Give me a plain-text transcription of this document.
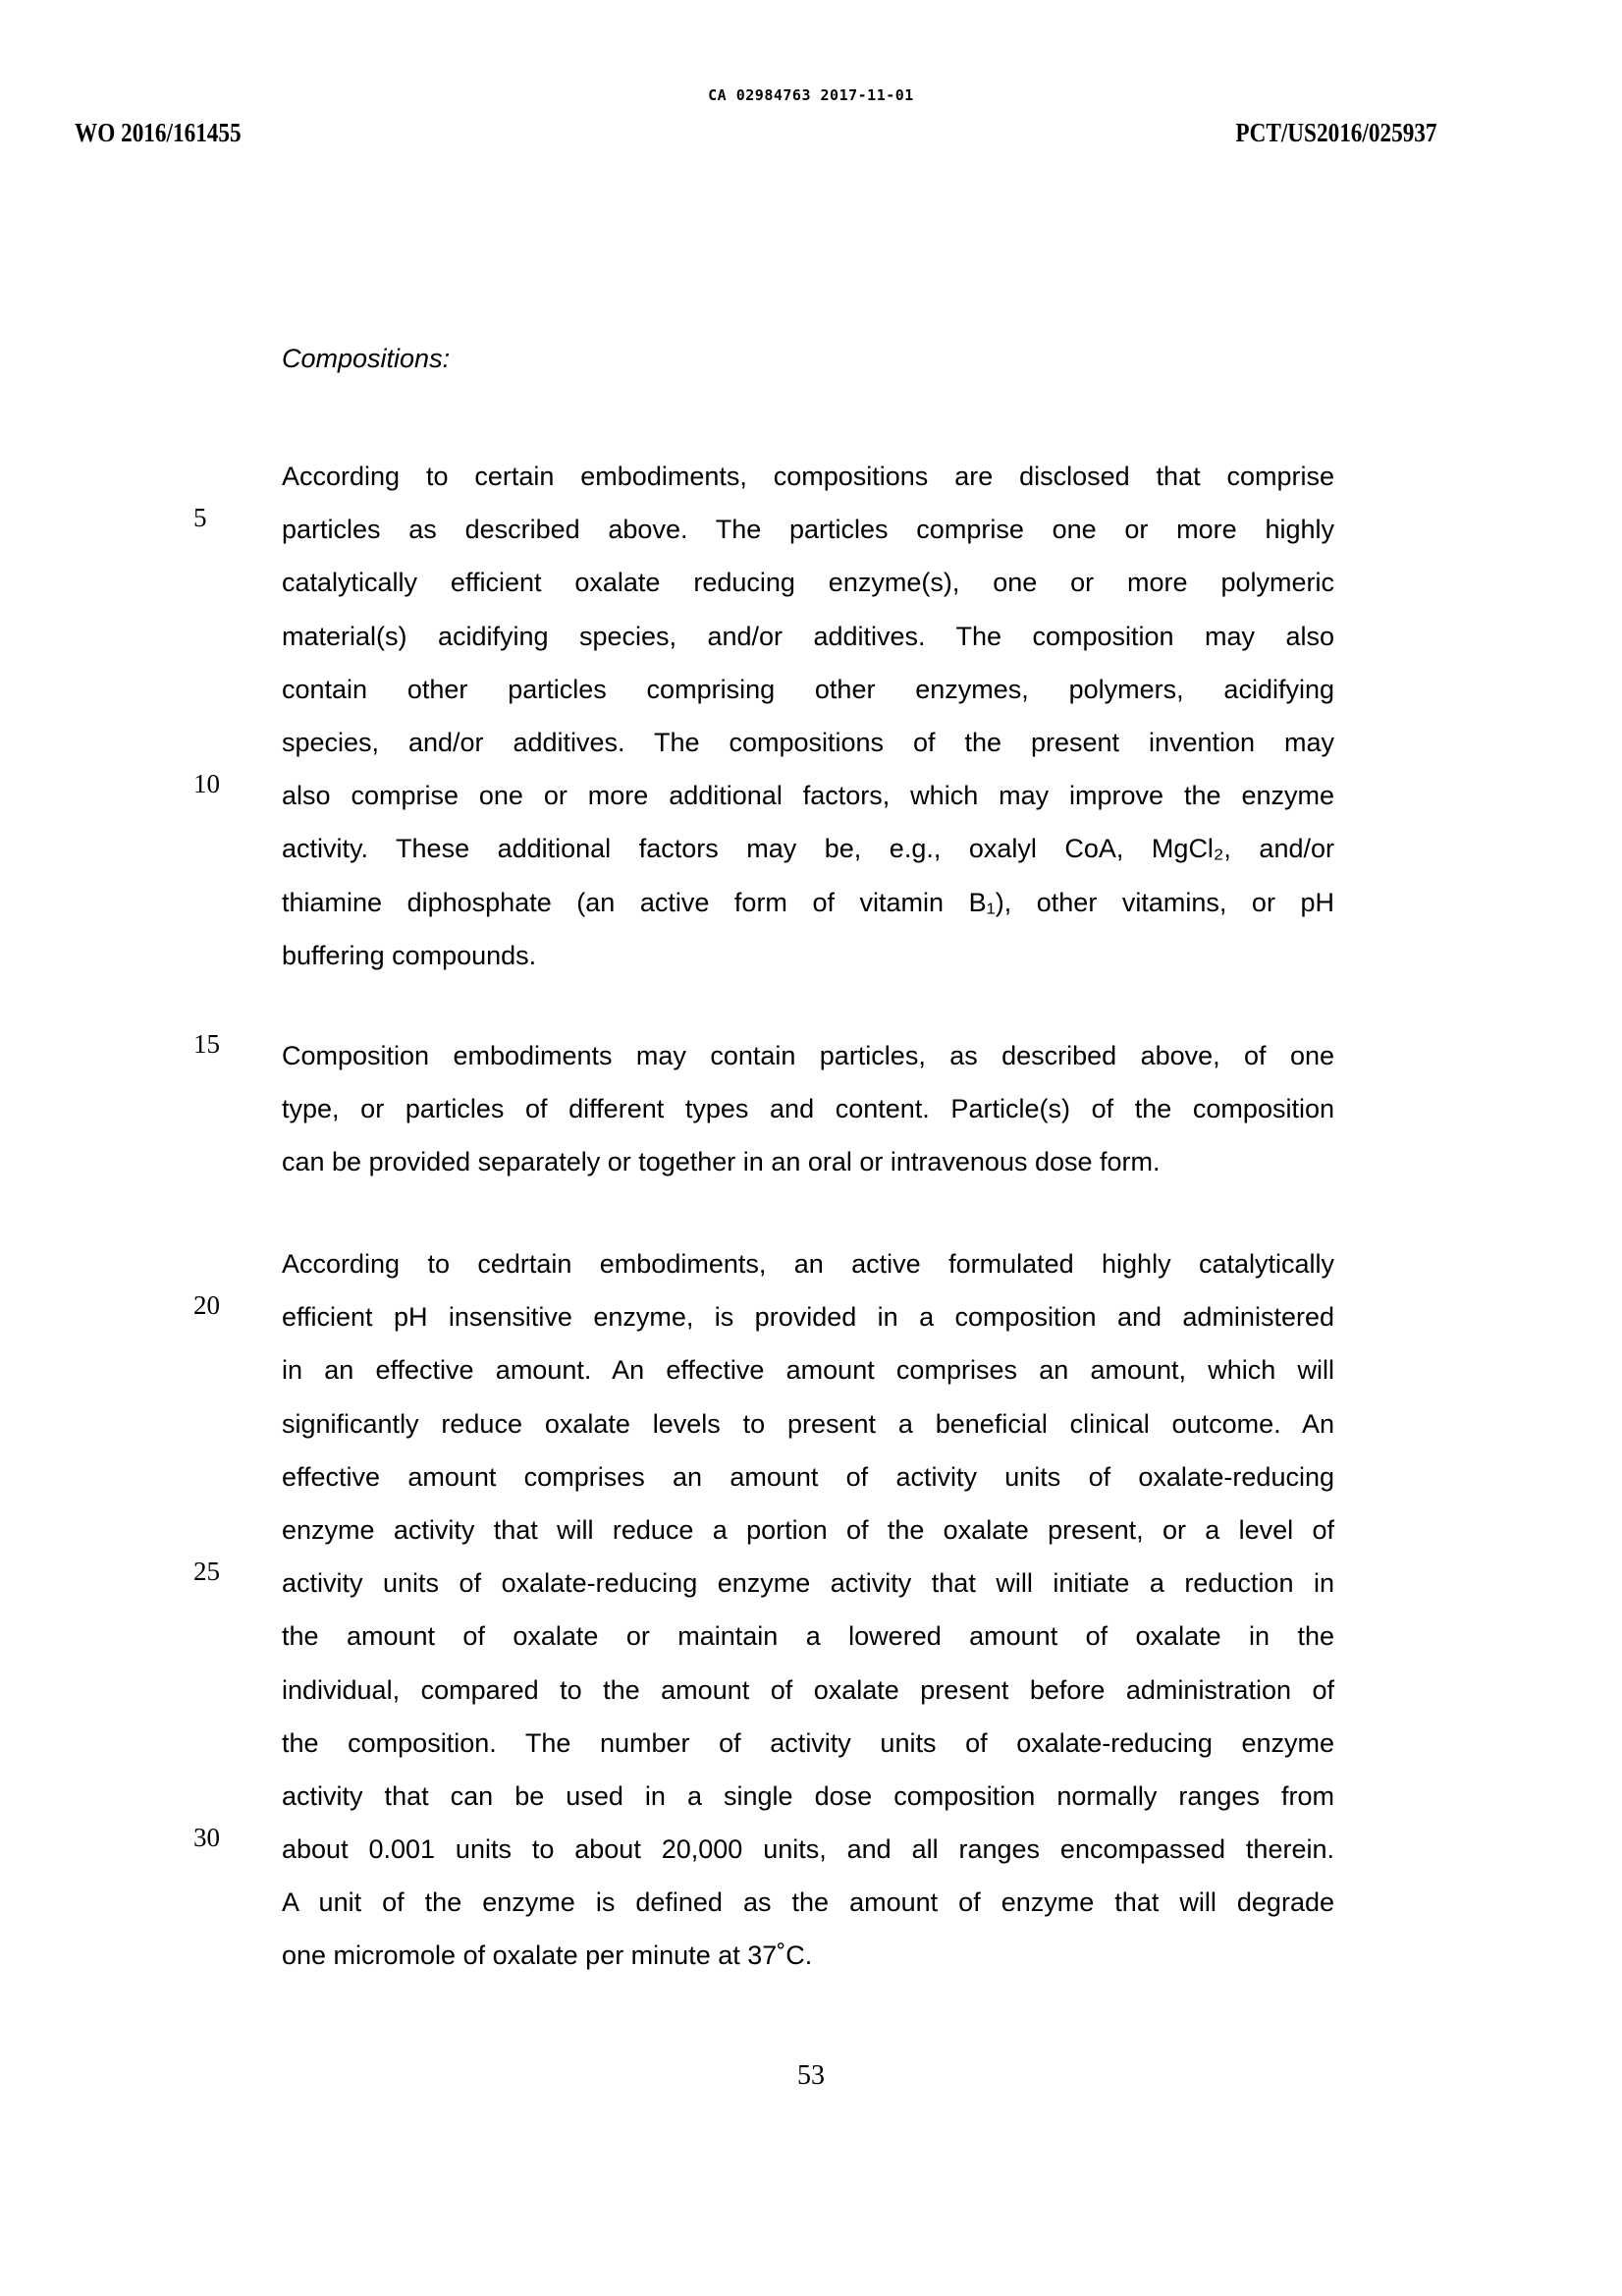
CA 02984763 2017-11-01
WO 2016/161455	PCT/US2016/025937
Compositions:
According to certain embodiments, compositions are disclosed that comprise
particles as described above. The particles comprise one or more highly
catalytically efficient oxalate reducing enzyme(s), one or more polymeric
material(s) acidifying species, and/or additives. The composition may also
contain other particles comprising other enzymes, polymers, acidifying
species, and/or additives. The compositions of the present invention may
also comprise one or more additional factors, which may improve the enzyme
activity. These additional factors may be, e.g., oxalyl CoA, MgCl₂, and/or
thiamine diphosphate (an active form of vitamin B₁), other vitamins, or pH
buffering compounds.
Composition embodiments may contain particles, as described above, of one
type, or particles of different types and content. Particle(s) of the composition
can be provided separately or together in an oral or intravenous dose form.
According to cedrtain embodiments, an active formulated highly catalytically
efficient pH insensitive enzyme, is provided in a composition and administered
in an effective amount. An effective amount comprises an amount, which will
significantly reduce oxalate levels to present a beneficial clinical outcome. An
effective amount comprises an amount of activity units of oxalate-reducing
enzyme activity that will reduce a portion of the oxalate present, or a level of
activity units of oxalate-reducing enzyme activity that will initiate a reduction in
the amount of oxalate or maintain a lowered amount of oxalate in the
individual, compared to the amount of oxalate present before administration of
the composition. The number of activity units of oxalate-reducing enzyme
activity that can be used in a single dose composition normally ranges from
about 0.001 units to about 20,000 units, and all ranges encompassed therein.
A unit of the enzyme is defined as the amount of enzyme that will degrade
one micromole of oxalate per minute at 37˚C.
5
10
15
20
25
30
53
